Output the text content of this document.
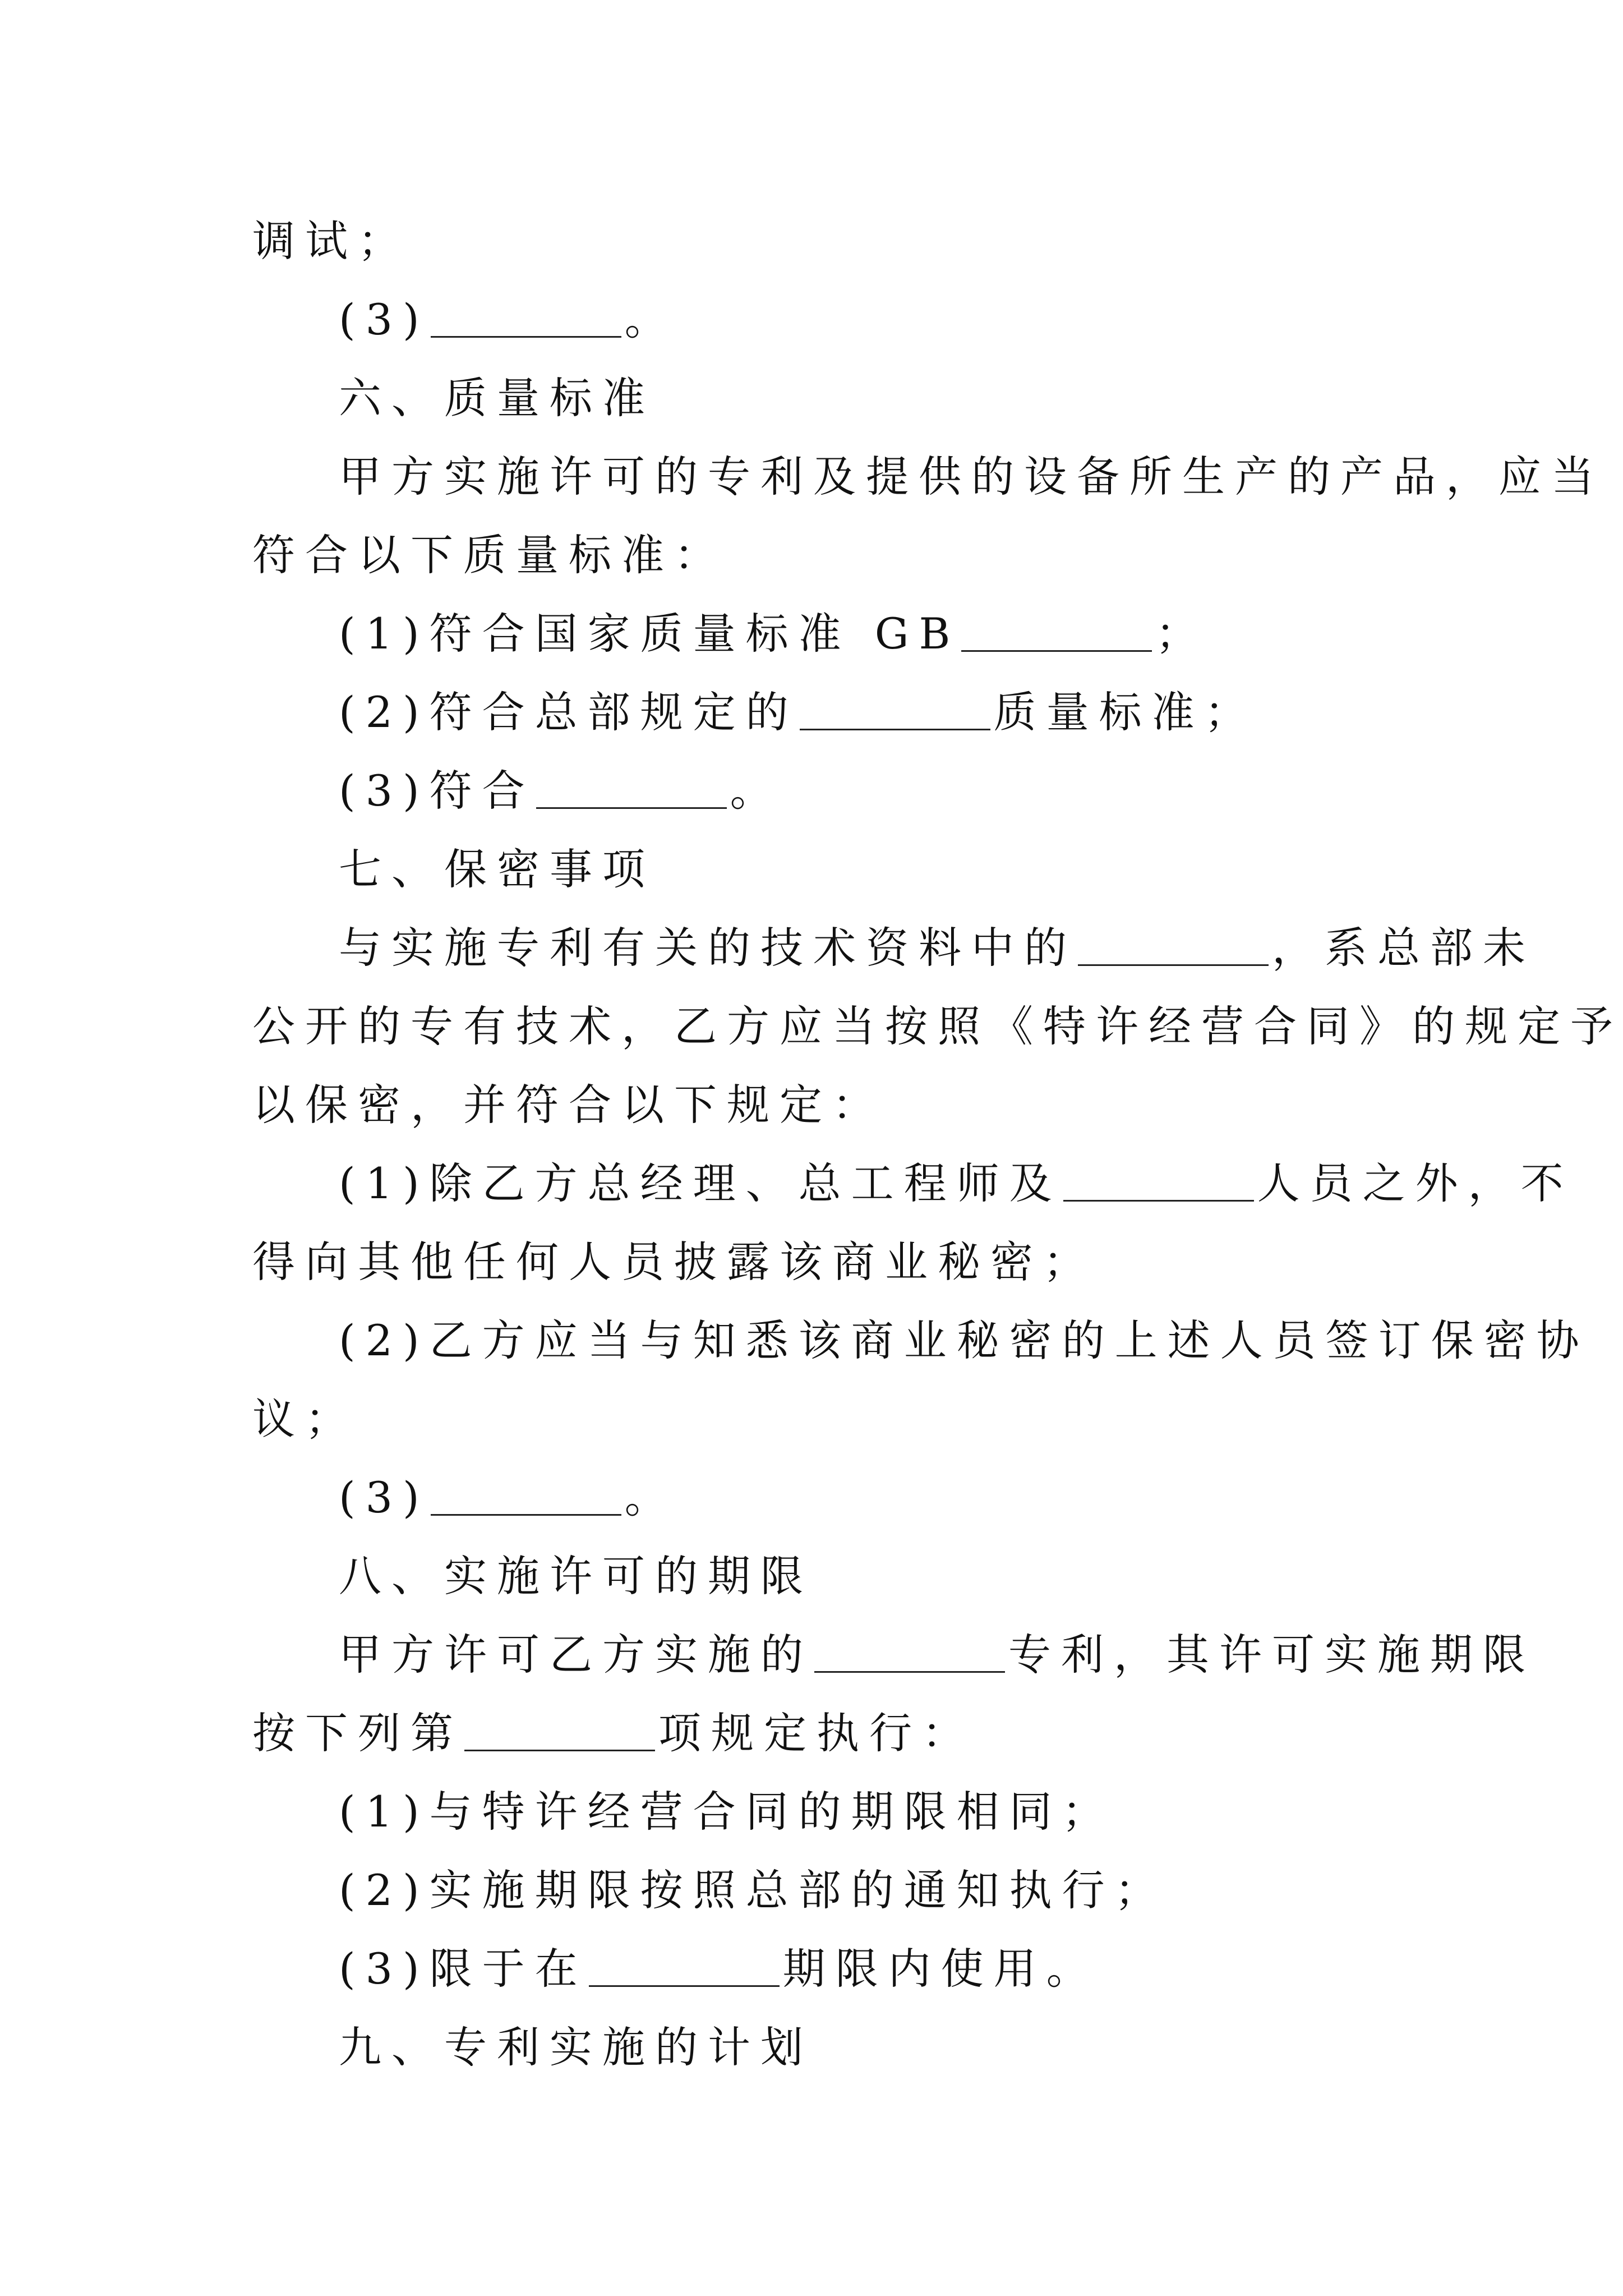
调试；
(3)	。
六、质量标准
甲方实施许可的专利及提供的设备所生产的产品，应当
符合以下质量标准：
(1)符合国家质量标准 GB	；
(2)符合总部规定的	质量标准；
(3)符合	。
七、保密事项
与实施专利有关的技术资料中的	，系总部未
公开的专有技术，乙方应当按照《特许经营合同》的规定予
以保密，并符合以下规定：
(1)除乙方总经理、总工程师及	人员之外，不
得向其他任何人员披露该商业秘密；
(2)乙方应当与知悉该商业秘密的上述人员签订保密协
议；
(3)	。
八、实施许可的期限
甲方许可乙方实施的	专利，其许可实施期限
按下列第	项规定执行：
(1)与特许经营合同的期限相同；
(2)实施期限按照总部的通知执行；
(3)限于在	期限内使用。
九、专利实施的计划
